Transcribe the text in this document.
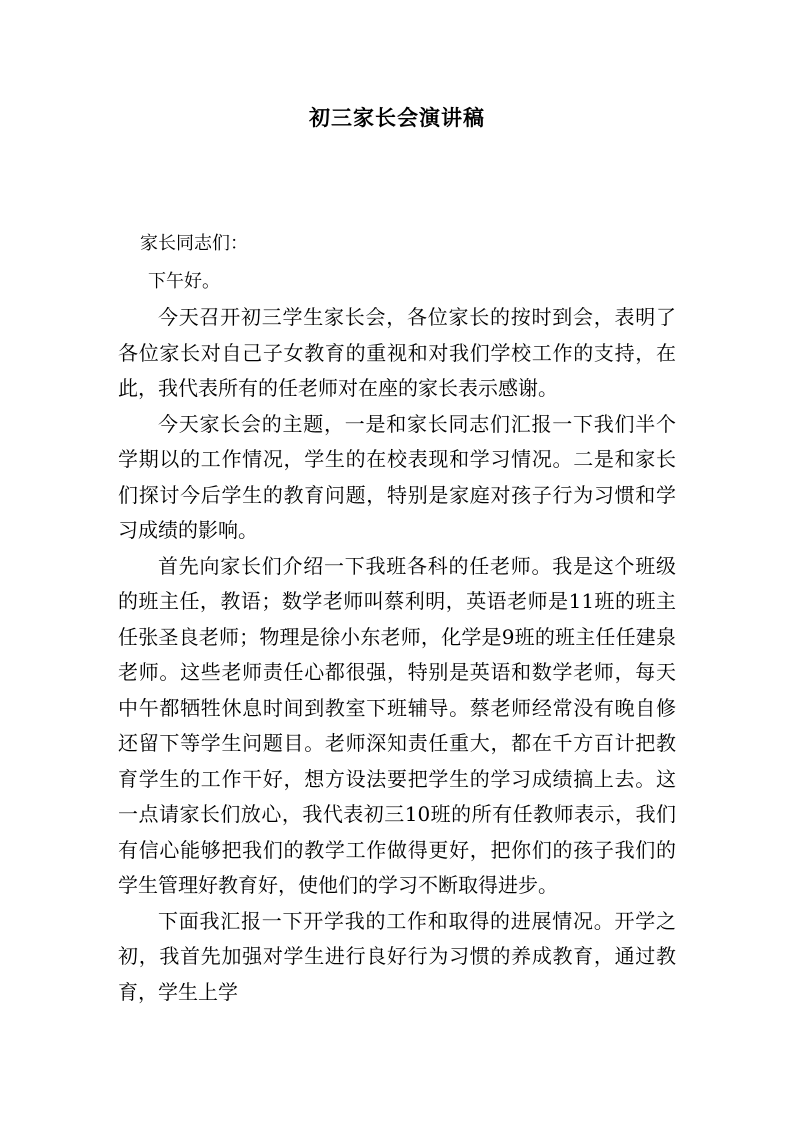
初三家长会演讲稿

家长同志们：

下午好。

今天召开初三学生家长会，各位家长的按时到会，表明了各位家长对自己子女教育的重视和对我们学校工作的支持，在此，我代表所有的任老师对在座的家长表示感谢。

今天家长会的主题，一是和家长同志们汇报一下我们半个学期以的工作情况，学生的在校表现和学习情况。二是和家长们探讨今后学生的教育问题，特别是家庭对孩子行为习惯和学习成绩的影响。

首先向家长们介绍一下我班各科的任老师。我是这个班级的班主任，教语；数学老师叫蔡利明，英语老师是11班的班主任张圣良老师；物理是徐小东老师，化学是9班的班主任任建泉老师。这些老师责任心都很强，特别是英语和数学老师，每天中午都牺牲休息时间到教室下班辅导。蔡老师经常没有晚自修还留下等学生问题目。老师深知责任重大，都在千方百计把教育学生的工作干好，想方设法要把学生的学习成绩搞上去。这一点请家长们放心，我代表初三10班的所有任教师表示，我们有信心能够把我们的教学工作做得更好，把你们的孩子我们的学生管理好教育好，使他们的学习不断取得进步。

下面我汇报一下开学我的工作和取得的进展情况。开学之初，我首先加强对学生进行良好行为习惯的养成教育，通过教育，学生上学
